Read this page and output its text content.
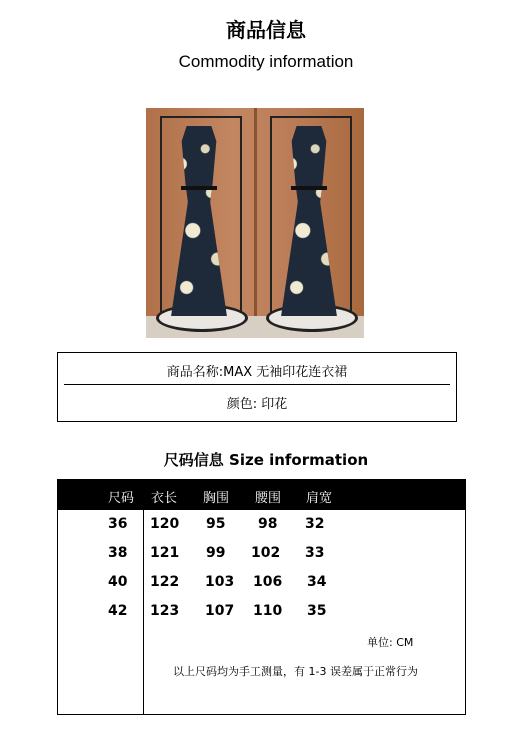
商品信息
Commodity information
商品名称:MAX 无袖印花连衣裙
颜色: 印花
尺码信息 Size information
尺码 衣长 胸围 腰围 肩宽
36 120 95 98 32
38 121 99 102 33
40 122 103 106 34
42 123 107 110 35
单位: CM
以上尺码均为手工测量，有 1-3 误差属于正常行为
